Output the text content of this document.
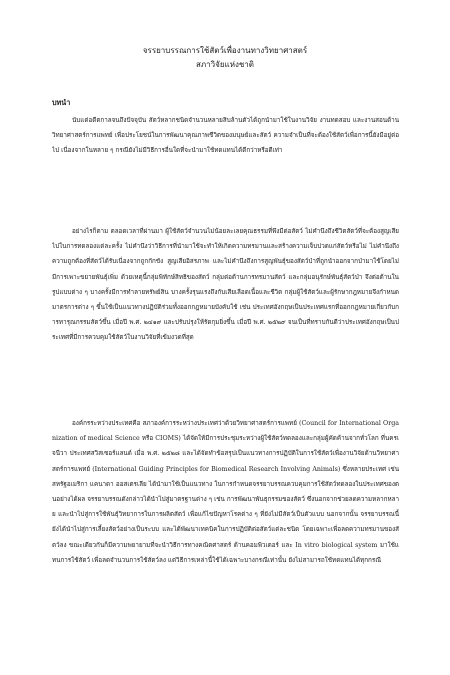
จรรยาบรรณการใช้สัตว์เพื่องานทางวิทยาศาสตร์
สภาวิจัยแห่งชาติ
บทนำ

นับแต่อดีตกาลจนถึงปัจจุบัน สัตว์หลากชนิดจำนวนหลายสิบล้านตัวได้ถูกนำมาใช้ในงานวิจัย งานทดสอบ และงานสอนด้านวิทยาศาสตร์การแพทย์ เพื่อประโยชน์ในการพัฒนาคุณภาพชีวิตของมนุษย์และสัตว์ ความจำเป็นที่จะต้องใช้สัตว์เพื่อการนี้ยังมีอยู่ต่อไป เนื่องจากในหลาย ๆ กรณียังไม่มีวิธีการอื่นใดที่จะนำมาใช้ทดแทนได้ดีกว่าหรือดีเท่า

อย่างไรก็ตาม ตลอดเวลาที่ผ่านมา ผู้ใช้สัตว์จำนวนไม่น้อยละเลยคุณธรรมที่พึงมีต่อสัตว์ ไม่คำนึงถึงชีวิตสัตว์ที่จะต้องสูญเสียไปในการทดลองแต่ละครั้ง ไม่คำนึงว่าวิธีการที่นำมาใช้จะทำให้เกิดความทรมานและสร้างความเจ็บปวดแก่สัตว์หรือไม่ ไม่คำนึงถึงความถูกต้องที่สัตว์ได้รับเนื่องจากถูกกักขัง สูญเสียอิสรภาพ และไม่คำนึงถึงการสูญพันธุ์ของสัตว์ป่าที่ถูกนำออกจากป่ามาใช้โดยไม่มีการเพาะขยายพันธุ์เพิ่ม ด้วยเหตุนี้กลุ่มพิทักษ์สิทธิของสัตว์ กลุ่มต่อต้านการทรมานสัตว์ และกลุ่มอนุรักษ์พันธุ์สัตว์ป่า จึงต่อต้านในรูปแบบต่าง ๆ บางครั้งมีการทำลายทรัพย์สิน บางครั้งรุนแรงถึงกับเสียเลือดเนื้อและชีวิต กลุ่มผู้ใช้สัตว์และผู้รักษากฎหมายจึงกำหนดมาตรการต่าง ๆ ขึ้นใช้เป็นแนวทางปฏิบัติร่วมทั้งออกกฎหมายบังคับใช้ เช่น ประเทศอังกฤษเป็นประเทศแรกที่ออกกฎหมายเกี่ยวกับการทารุณกรรมสัตว์ขึ้น เมื่อปี พ.ศ. ๒๔๑๙ และปรับปรุงให้รัดกุมยิ่งขึ้น เมื่อปี พ.ศ. ๒๕๒๙ จนเป็นที่ทราบกันดีว่าประเทศอังกฤษเป็นประเทศที่มีการควบคุมใช้สัตว์ในงานวิจัยที่เข้มงวดที่สุด

องค์กรระหว่างประเทศคือ สภาองค์การระหว่างประเทศว่าด้วยวิทยาศาสตร์การแพทย์ (Council for International Organization of medical Science หรือ CIOMS) ได้จัดให้มีการประชุมระหว่างผู้ใช้สัตว์ทดลองและกลุ่มผู้คัดค้านจากทั่วโลก ที่นครเจนีวา ประเทศสวิสเซอร์แลนด์ เมื่อ พ.ศ. ๒๕๒๘ และได้จัดทำข้อสรุปเป็นแนวทางการปฏิบัติในการใช้สัตว์เพื่องานวิจัยด้านวิทยาศาสตร์การแพทย์ (International Guiding Principles for Biomedical Research Involving Animals) ซึ่งหลายประเทศ เช่น สหรัฐอเมริกา แคนาดา ออสเตรเลีย ได้นำมาใช้เป็นแนวทาง ในการกำหนดจรรยาบรรณควบคุมการใช้สัตว์ทดลองในประเทศของตนอย่างได้ผล จรรยาบรรณดังกล่าวได้นำไปสู่มาตรฐานต่าง ๆ เช่น การพัฒนาพันธุกรรมของสัตว์ ซึ่งนอกจากช่วยลดความหลากหลาย และนำไปสู่การใช้พันธุ์วิทยาการในการผลิตสัตว์ เพื่อแก้ไขปัญหาโรคต่าง ๆ ที่ยังไม่มีสัตว์เป็นตัวแบบ นอกจากนั้น จรรยาบรรณนี้ยังได้นำไปสู่การเลี้ยงสัตว์อย่างเป็นระบบ และได้พัฒนาเทคนิคในการปฏิบัติต่อสัตว์แต่ละชนิด โดยเฉพาะเพื่อลดความทรมานของสัตว์ลง ขณะเดียวกันก็มีความพยายามที่จะนำวิธีการทางคณิตศาสตร์ ด้านคอมพิวเตอร์ และ In vitro biological system มาใช้แทนการใช้สัตว์ เพื่อลดจำนวนการใช้สัตว์ลง แต่วิธีการเหล่านี้ใช้ได้เฉพาะบางกรณีเท่านั้น ยังไม่สามารถใช้ทดแทนได้ทุกกรณี
